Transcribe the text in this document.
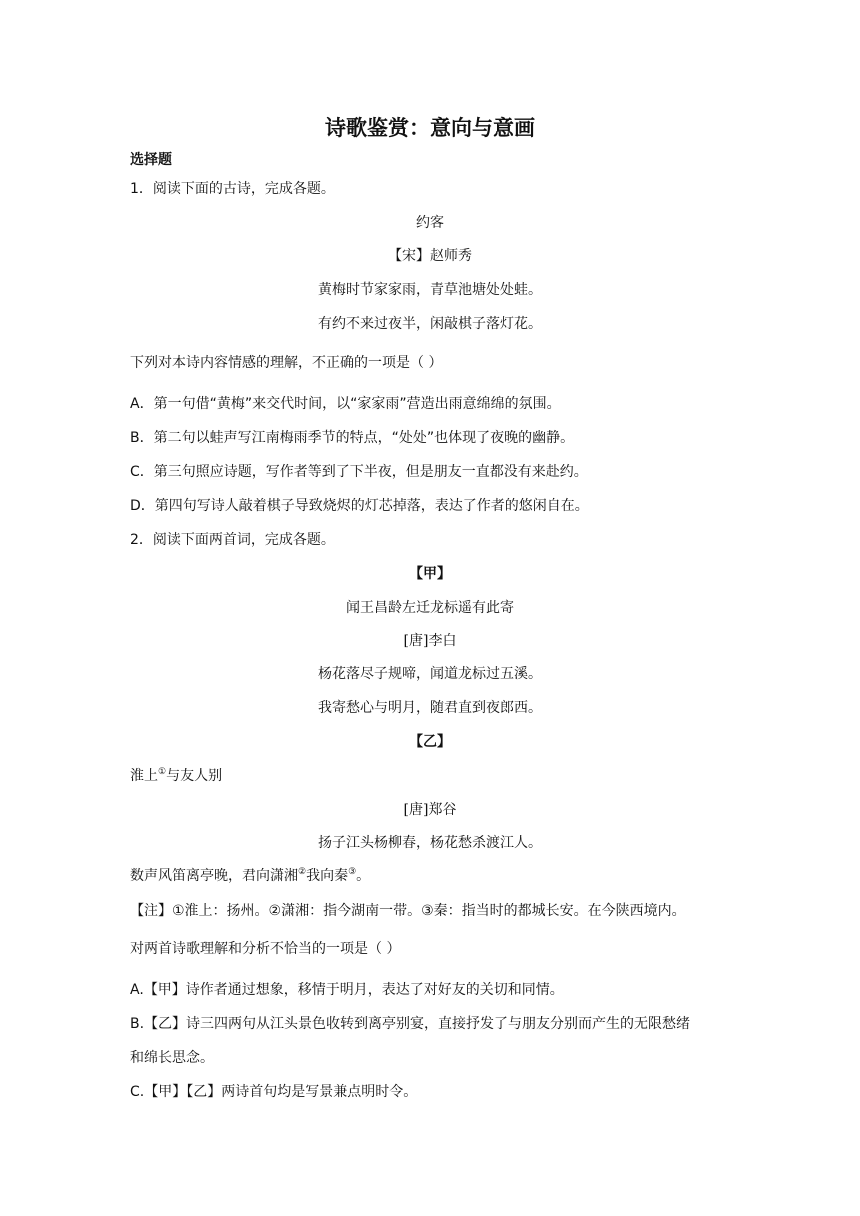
诗歌鉴赏：意向与意画
选择题
1．阅读下面的古诗，完成各题。
约客
【宋】赵师秀
黄梅时节家家雨，青草池塘处处蛙。
有约不来过夜半，闲敲棋子落灯花。
下列对本诗内容情感的理解，不正确的一项是（ ）
A．第一句借“黄梅”来交代时间，以“家家雨”营造出雨意绵绵的氛围。
B．第二句以蛙声写江南梅雨季节的特点，“处处”也体现了夜晚的幽静。
C．第三句照应诗题，写作者等到了下半夜，但是朋友一直都没有来赴约。
D．第四句写诗人敲着棋子导致烧烬的灯芯掉落，表达了作者的悠闲自在。
2．阅读下面两首词，完成各题。
【甲】
闻王昌龄左迁龙标遥有此寄
[唐]李白
杨花落尽子规啼，闻道龙标过五溪。
我寄愁心与明月，随君直到夜郎西。
【乙】
淮上①与友人别
[唐]郑谷
扬子江头杨柳春，杨花愁杀渡江人。
数声风笛离亭晚，君向潇湘②我向秦③。
【注】①淮上：扬州。②潇湘：指今湖南一带。③秦：指当时的都城长安。在今陕西境内。
对两首诗歌理解和分析不恰当的一项是（ ）
A.【甲】诗作者通过想象，移情于明月，表达了对好友的关切和同情。
B.【乙】诗三四两句从江头景色收转到离亭别宴，直接抒发了与朋友分别而产生的无限愁绪
和绵长思念。
C.【甲】【乙】两诗首句均是写景兼点明时令。
